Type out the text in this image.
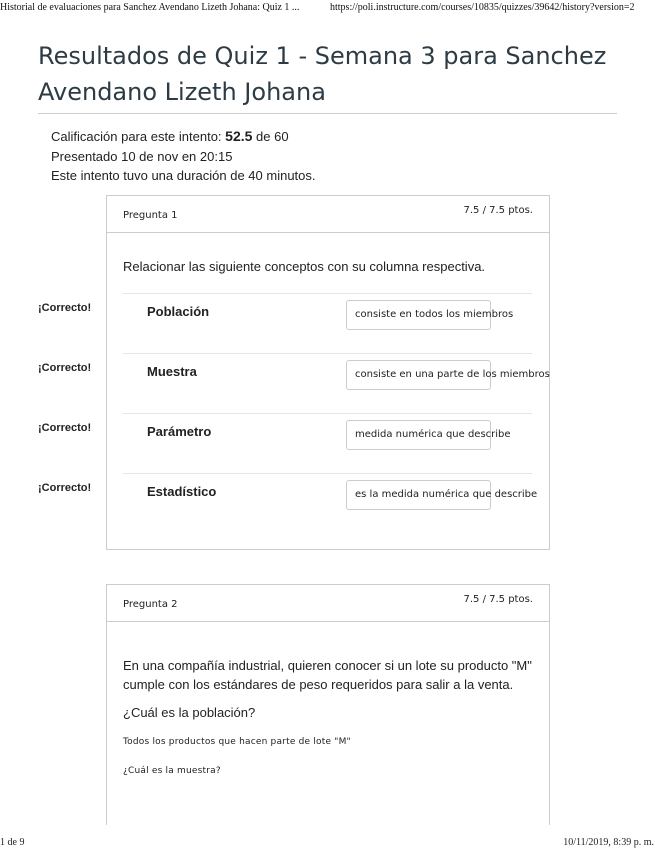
Historial de evaluaciones para Sanchez Avendano Lizeth Johana: Quiz 1 ...	https://poli.instructure.com/courses/10835/quizzes/39642/history?version=2
Resultados de Quiz 1 - Semana 3 para Sanchez Avendano Lizeth Johana
Calificación para este intento: 52.5 de 60
Presentado 10 de nov en 20:15
Este intento tuvo una duración de 40 minutos.
Pregunta 1	7.5 / 7.5 ptos.
Relacionar las siguiente conceptos con su columna respectiva.
Población	consiste en todos los miembros
Muestra	consiste en una parte de los miembros
Parámetro	medida numérica que describe
Estadístico	es la medida numérica que describe
¡Correcto!
¡Correcto!
¡Correcto!
¡Correcto!
Pregunta 2	7.5 / 7.5 ptos.
En una compañía industrial, quieren conocer si un lote su producto "M"
cumple con los estándares de peso requeridos para salir a la venta.
¿Cuál es la población?
Todos los productos que hacen parte de lote "M"
¿Cuál es la muestra?
1 de 9	10/11/2019, 8:39 p. m.
